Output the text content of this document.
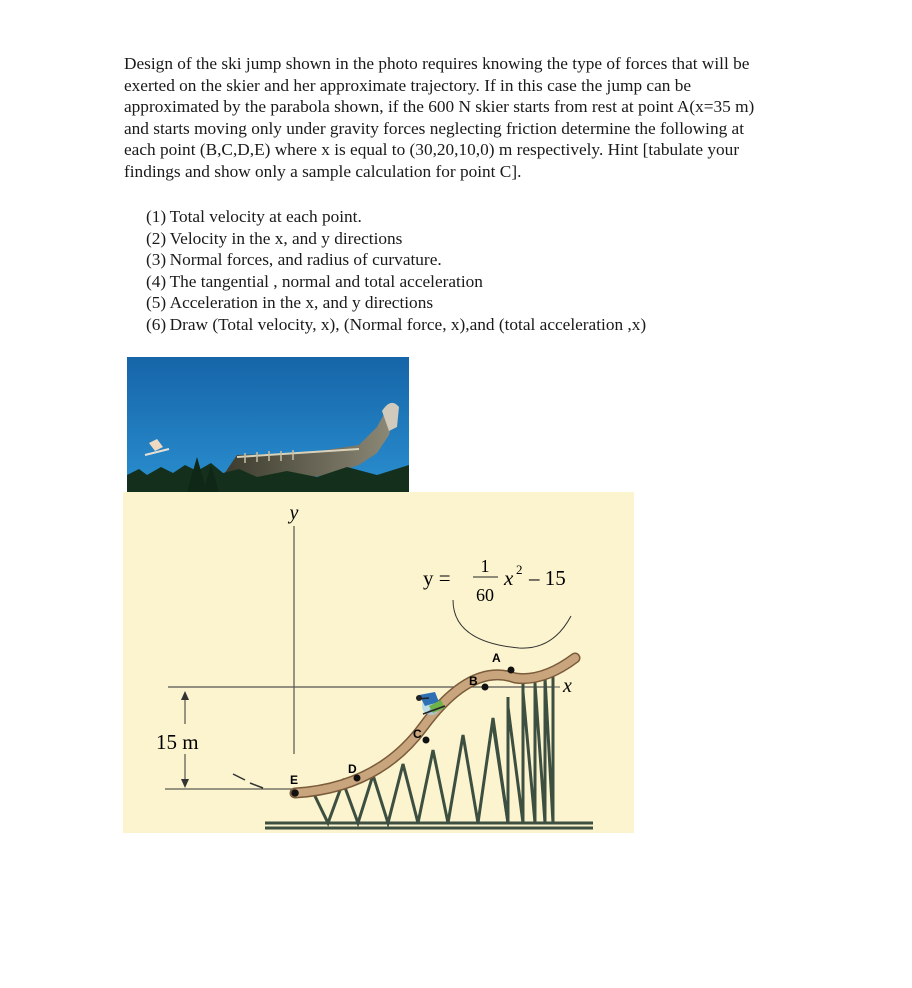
Design of the ski jump shown in the photo requires knowing the type of forces that will be exerted on the skier and her approximate trajectory. If in this case the jump can be approximated by the parabola shown, if the 600 N skier starts from rest at point A(x=35 m) and starts moving only under gravity forces neglecting friction determine the following at each point (B,C,D,E) where x is equal to (30,20,10,0) m respectively. Hint [tabulate your findings and show only a sample calculation for point C].
(1) Total velocity at each point.
(2) Velocity in the x, and y directions
(3) Normal forces, and radius of curvature.
(4) The tangential , normal and total acceleration
(5) Acceleration in the x, and y directions
(6) Draw (Total velocity, x), (Normal force, x),and (total acceleration ,x)
y
x
15 m
y = 1
60
x 2 – 15
A
B
C
D
E
